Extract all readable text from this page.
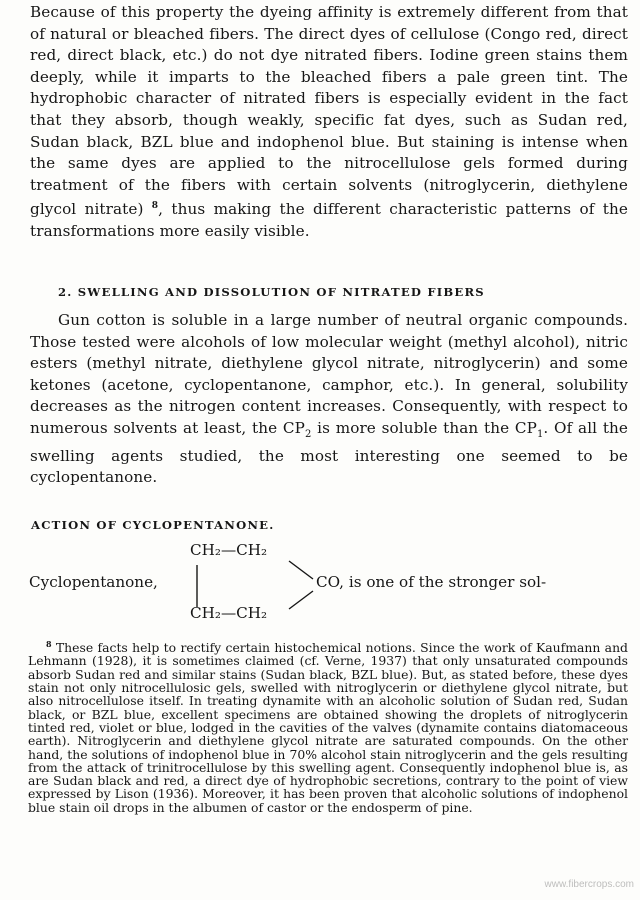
Because of this property the dyeing affinity is extremely different from that of natural or bleached fibers. The direct dyes of cellulose (Congo red, direct red, direct black, etc.) do not dye nitrated fibers. Iodine green stains them deeply, while it imparts to the bleached fibers a pale green tint. The hydrophobic character of nitrated fibers is especially evident in the fact that they absorb, though weakly, specific fat dyes, such as Sudan red, Sudan black, BZL blue and indophenol blue. But staining is intense when the same dyes are applied to the nitrocellulose gels formed during treatment of the fibers with certain solvents (nitroglycerin, diethylene glycol nitrate) $^8$, thus making the different characteristic patterns of the transformations more easily visible.

2. SWELLING AND DISSOLUTION OF NITRATED FIBERS

Gun cotton is soluble in a large number of neutral organic compounds. Those tested were alcohols of low molecular weight (methyl alcohol), nitric esters (methyl nitrate, diethylene glycol nitrate, nitroglycerin) and some ketones (acetone, cyclopentanone, camphor, etc.). In general, solubility decreases as the nitrogen content increases. Consequently, with respect to numerous solvents at least, the $CP_2$ is more soluble than the $CP_1$. Of all the swelling agents studied, the most interesting one seemed to be cyclopentanone.

ACTION OF CYCLOPENTANONE.

CH₂—CH₂
Cyclopentanone,	CO, is one of the stronger sol-
CH₂—CH₂

$^8$ These facts help to rectify certain histochemical notions. Since the work of Kaufmann and Lehmann (1928), it is sometimes claimed (cf. Verne, 1937) that only unsaturated compounds absorb Sudan red and similar stains (Sudan black, BZL blue). But, as stated before, these dyes stain not only nitrocellulosic gels, swelled with nitroglycerin or diethylene glycol nitrate, but also nitrocellulose itself. In treating dynamite with an alcoholic solution of Sudan red, Sudan black, or BZL blue, excellent specimens are obtained showing the droplets of nitroglycerin tinted red, violet or blue, lodged in the cavities of the valves (dynamite contains diatomaceous earth). Nitroglycerin and diethylene glycol nitrate are saturated compounds. On the other hand, the solutions of indophenol blue in 70% alcohol stain nitroglycerin and the gels resulting from the attack of trinitrocellulose by this swelling agent. Consequently indophenol blue is, as are Sudan black and red, a direct dye of hydrophobic secretions, contrary to the point of view expressed by Lison (1936). Moreover, it has been proven that alcoholic solutions of indophenol blue stain oil drops in the albumen of castor or the endosperm of pine.

www.fibercrops.com
